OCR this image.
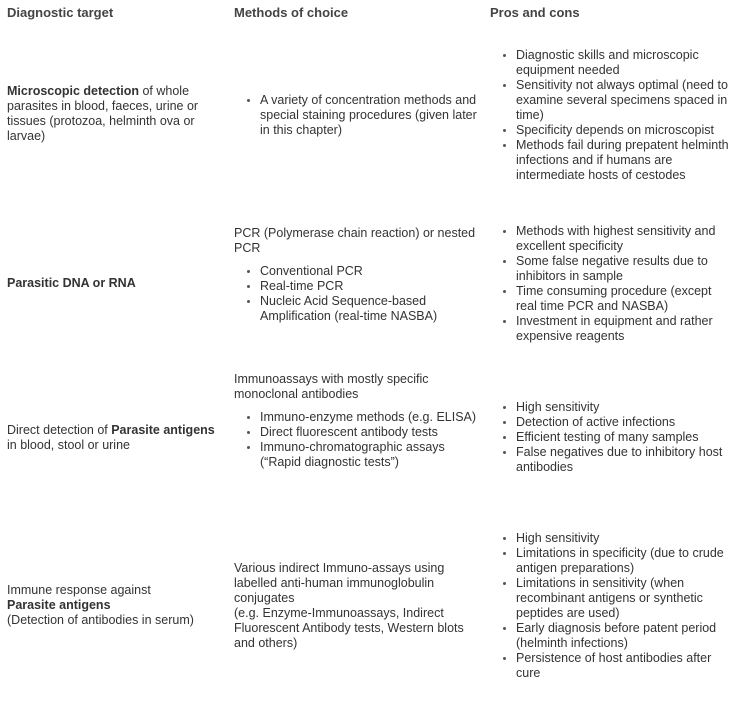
Diagnostic target	Methods of choice	Pros and cons
Microscopic detection of whole parasites in blood, faeces, urine or tissues (protozoa, helminth ova or larvae)
• A variety of concentration methods and special staining procedures (given later in this chapter)
• Diagnostic skills and microscopic equipment needed
• Sensitivity not always optimal (need to examine several specimens spaced in time)
• Specificity depends on microscopist
• Methods fail during prepatent helminth infections and if humans are intermediate hosts of cestodes
Parasitic DNA or RNA

PCR (Polymerase chain reaction) or nested PCR

• Conventional PCR
• Real-time PCR
• Nucleic Acid Sequence-based Amplification (real-time NASBA)
• Methods with highest sensitivity and excellent specificity
• Some false negative results due to inhibitors in sample
• Time consuming procedure (except real time PCR and NASBA)
• Investment in equipment and rather expensive reagents
Direct detection of Parasite antigens in blood, stool or urine

Immunoassays with mostly specific monoclonal antibodies

• Immuno-enzyme methods (e.g. ELISA)
• Direct fluorescent antibody tests
• Immuno-chromatographic assays (“Rapid diagnostic tests”)
• High sensitivity
• Detection of active infections
• Efficient testing of many samples
• False negatives due to inhibitory host antibodies
Immune response against
Parasite antigens
(Detection of antibodies in serum)

Various indirect Immuno-assays using labelled anti-human immunoglobulin conjugates

(e.g. Enzyme-Immunoassays, Indirect Fluorescent Antibody tests, Western blots and others)

• High sensitivity
• Limitations in specificity (due to crude antigen preparations)
• Limitations in sensitivity (when recombinant antigens or synthetic peptides are used)
• Early diagnosis before patent period (helminth infections)
• Persistence of host antibodies after cure
